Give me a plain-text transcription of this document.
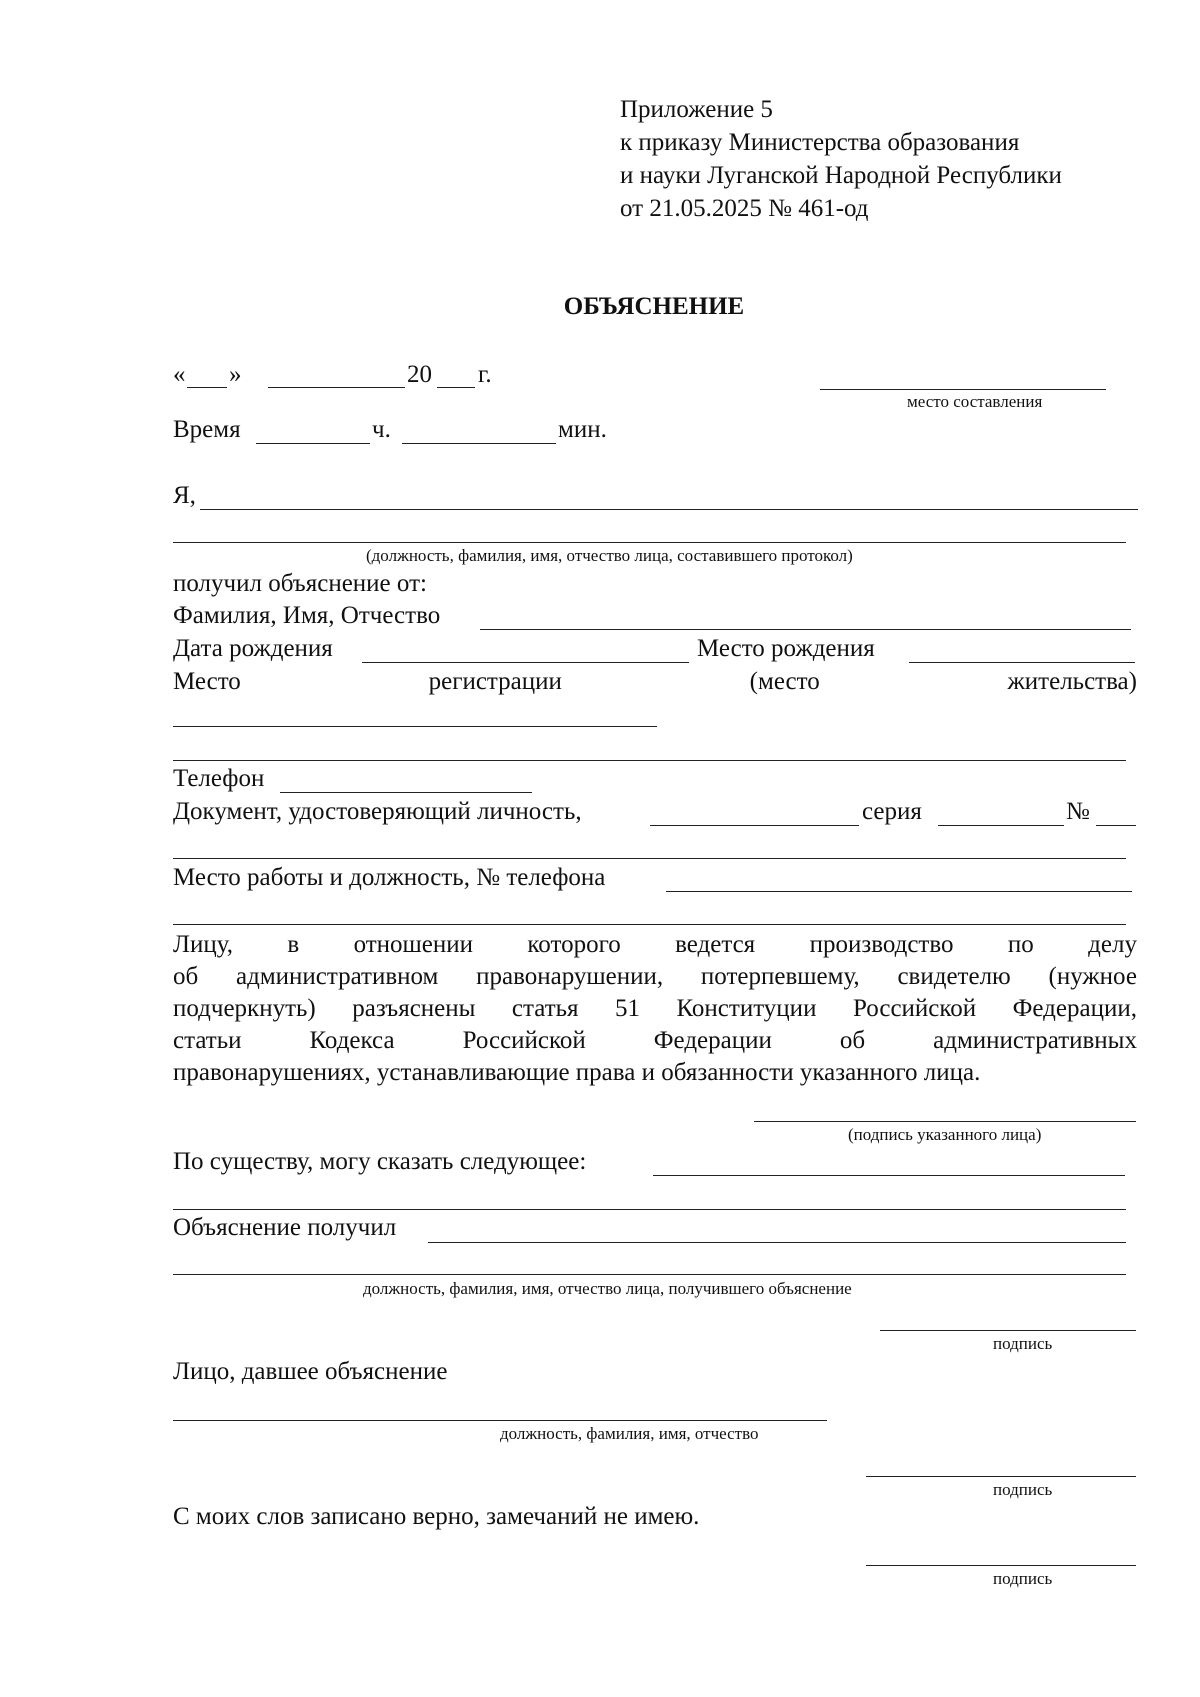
Приложение 5
к приказу Министерства образования
и науки Луганской Народной Республики
от 21.05.2025 № 461-од
ОБЪЯСНЕНИЕ
« »	20 г.
место составления
Время	ч.	мин.
Я,
(должность, фамилия, имя, отчество лица, составившего протокол)
получил объяснение от:
Фамилия, Имя, Отчество
Дата рождения	Место рождения
Место	регистрации	(место	жительства)
Телефон
Документ, удостоверяющий личность,	серия	№
Место работы и должность, № телефона
Лицу, в отношении которого ведется производство по делу
об административном правонарушении, потерпевшему, свидетелю (нужное
подчеркнуть) разъяснены статья 51 Конституции Российской Федерации,
статьи	Кодекса	Российской	Федерации	об	административных
правонарушениях, устанавливающие права и обязанности указанного лица.
(подпись указанного лица)
По существу, могу сказать следующее:
Объяснение получил
должность, фамилия, имя, отчество лица, получившего объяснение
подпись
Лицо, давшее объяснение
должность, фамилия, имя, отчество
подпись
С моих слов записано верно, замечаний не имею.
подпись
